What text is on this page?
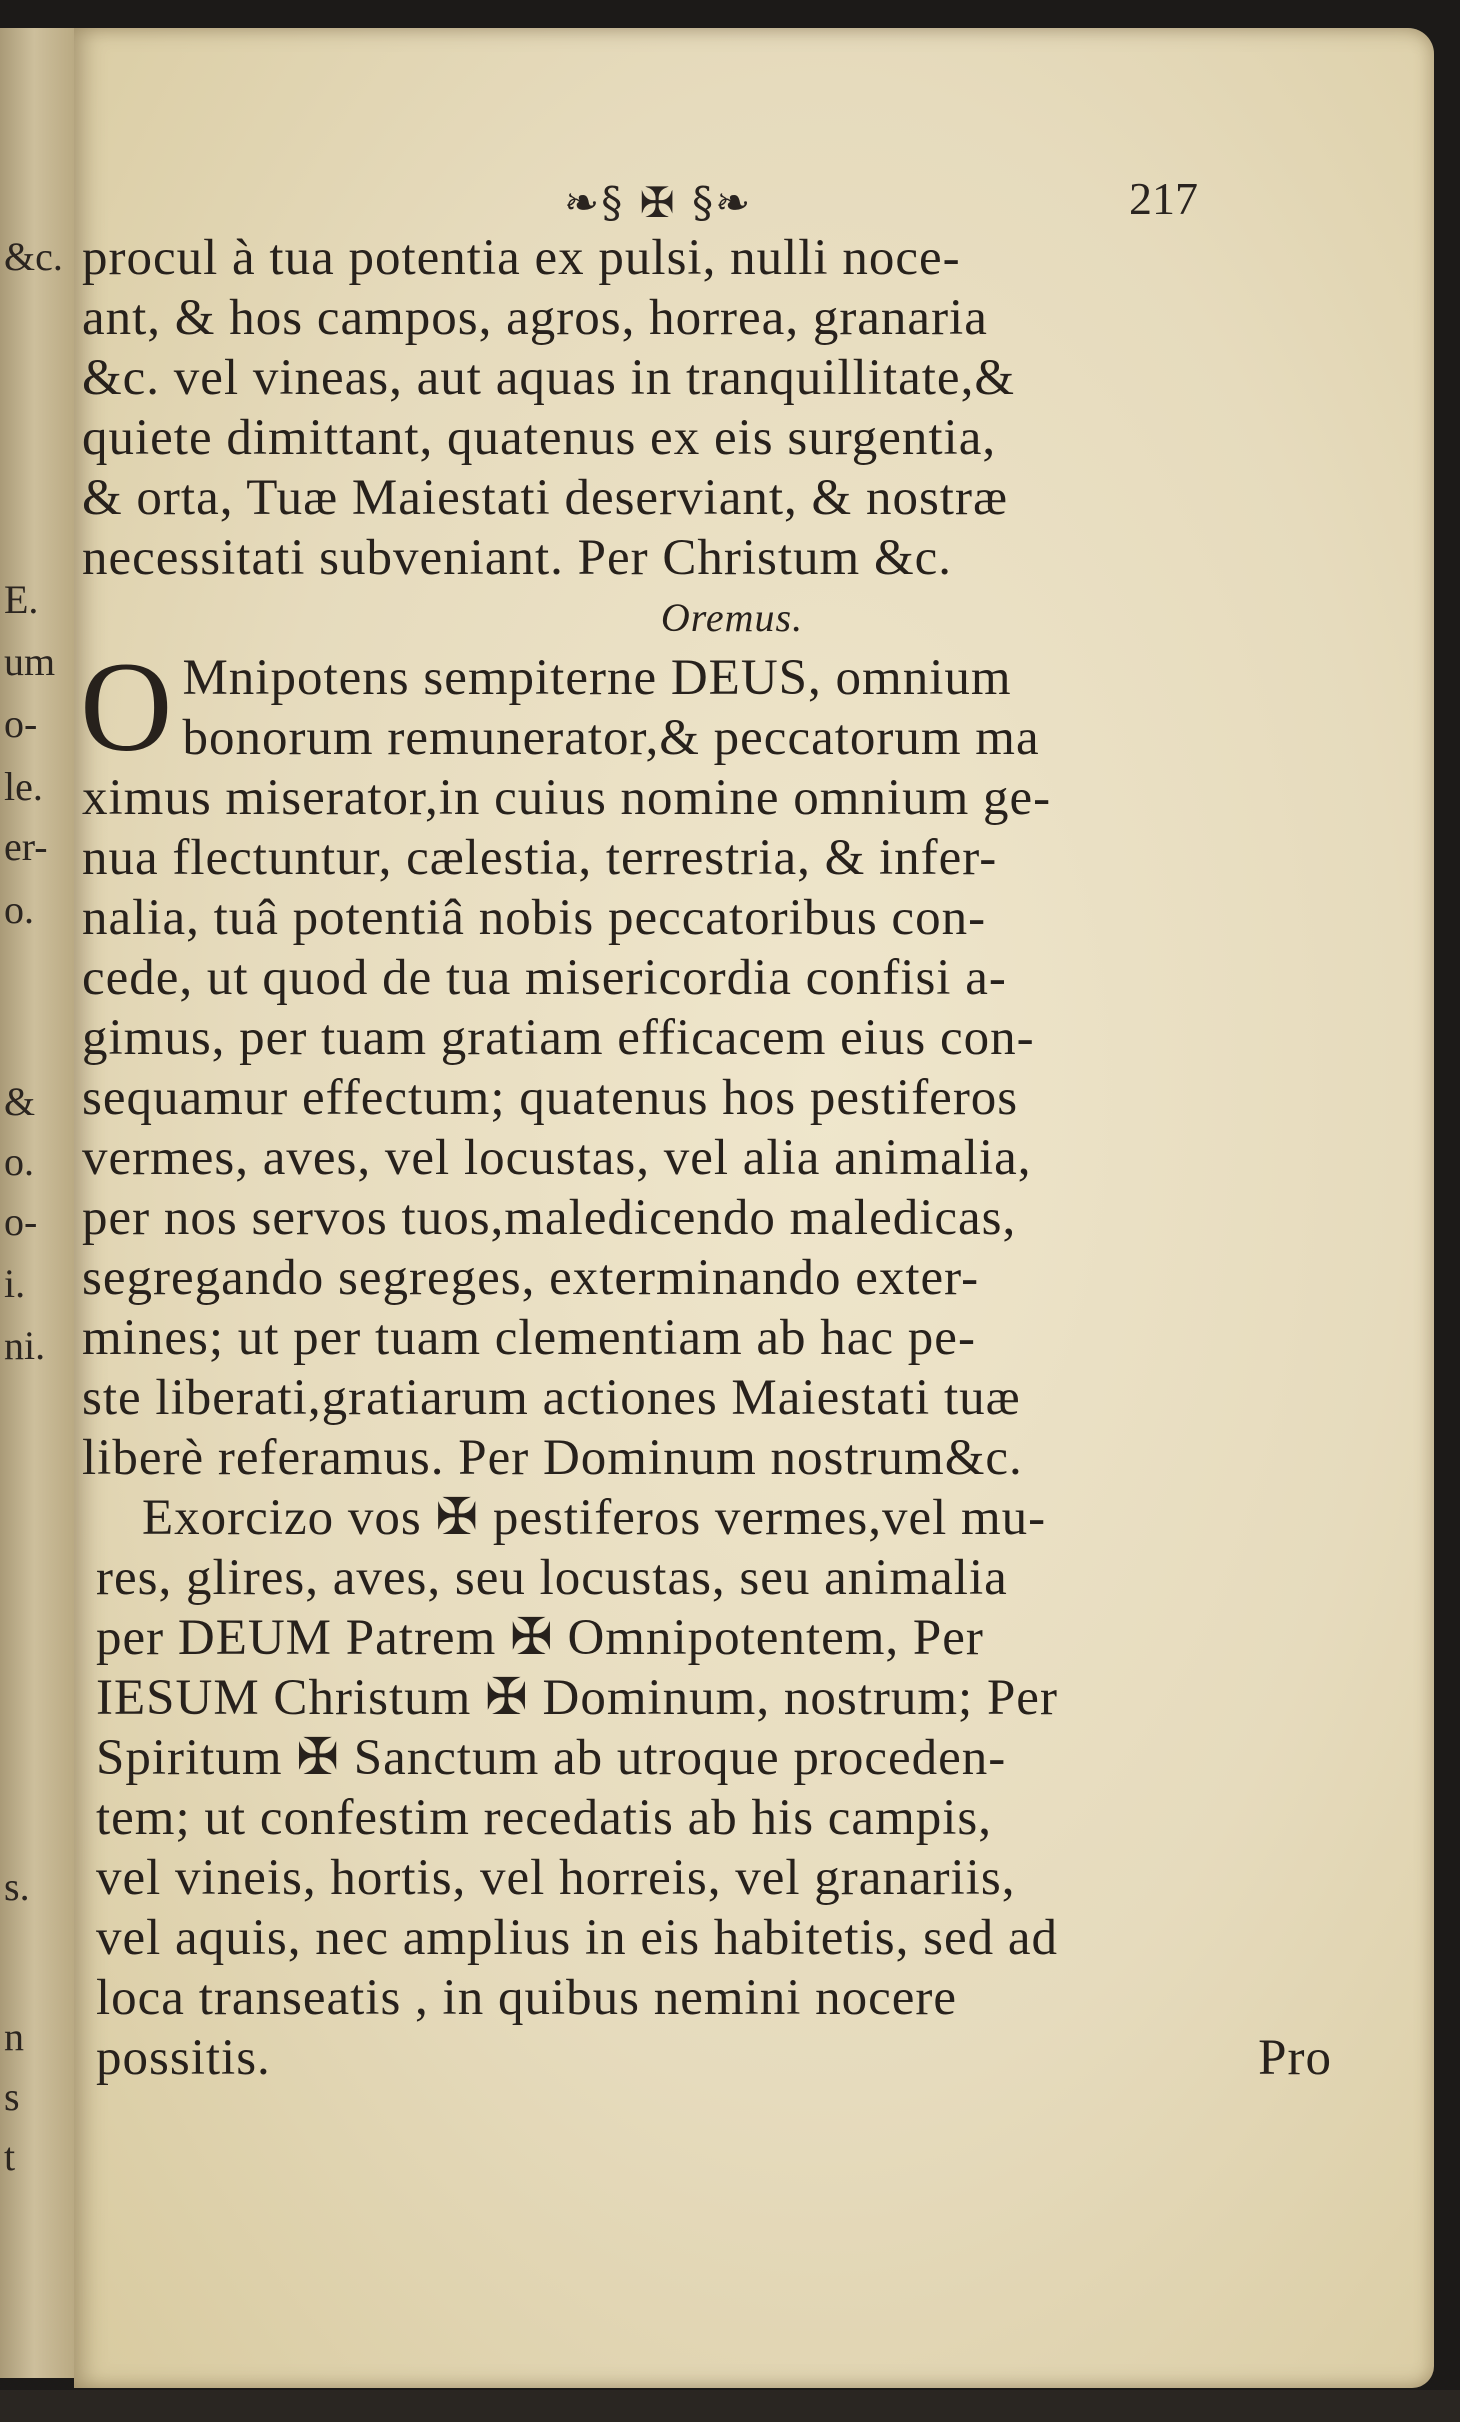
&c.
E.
um
o-
le.
er-
o.
&
o.
o-
i.
ni.
s.
n
s
t
❧§ ✠ §❧	217
procul à tua potentia ex pulsi, nulli noce-
ant, & hos campos, agros, horrea, granaria
&c. vel vineas, aut aquas in tranquillitate,&
quiete dimittant, quatenus ex eis surgentia,
& orta, Tuæ Maiestati deserviant, & nostræ
necessitati subveniant. Per Christum &c.
Oremus.
O Mnipotens sempiterne DEUS, omnium
bonorum remunerator,& peccatorum ma
ximus miserator,in cuius nomine omnium ge-
nua flectuntur, cælestia, terrestria, & infer-
nalia, tuâ potentiâ nobis peccatoribus con-
cede, ut quod de tua misericordia confisi a-
gimus, per tuam gratiam efficacem eius con-
sequamur effectum; quatenus hos pestiferos
vermes, aves, vel locustas, vel alia animalia,
per nos servos tuos,maledicendo maledicas,
segregando segreges, exterminando exter-
mines; ut per tuam clementiam ab hac pe-
ste liberati,gratiarum actiones Maiestati tuæ
liberè referamus. Per Dominum nostrum&c.
Exorcizo vos ✠ pestiferos vermes,vel mu-
res, glires, aves, seu locustas, seu animalia
per DEUM Patrem ✠ Omnipotentem, Per
IESUM Christum ✠ Dominum, nostrum; Per
Spiritum ✠ Sanctum ab utroque proceden-
tem; ut confestim recedatis ab his campis,
vel vineis, hortis, vel horreis, vel granariis,
vel aquis, nec amplius in eis habitetis, sed ad
loca transeatis , in quibus nemini nocere
possitis.	Pro
